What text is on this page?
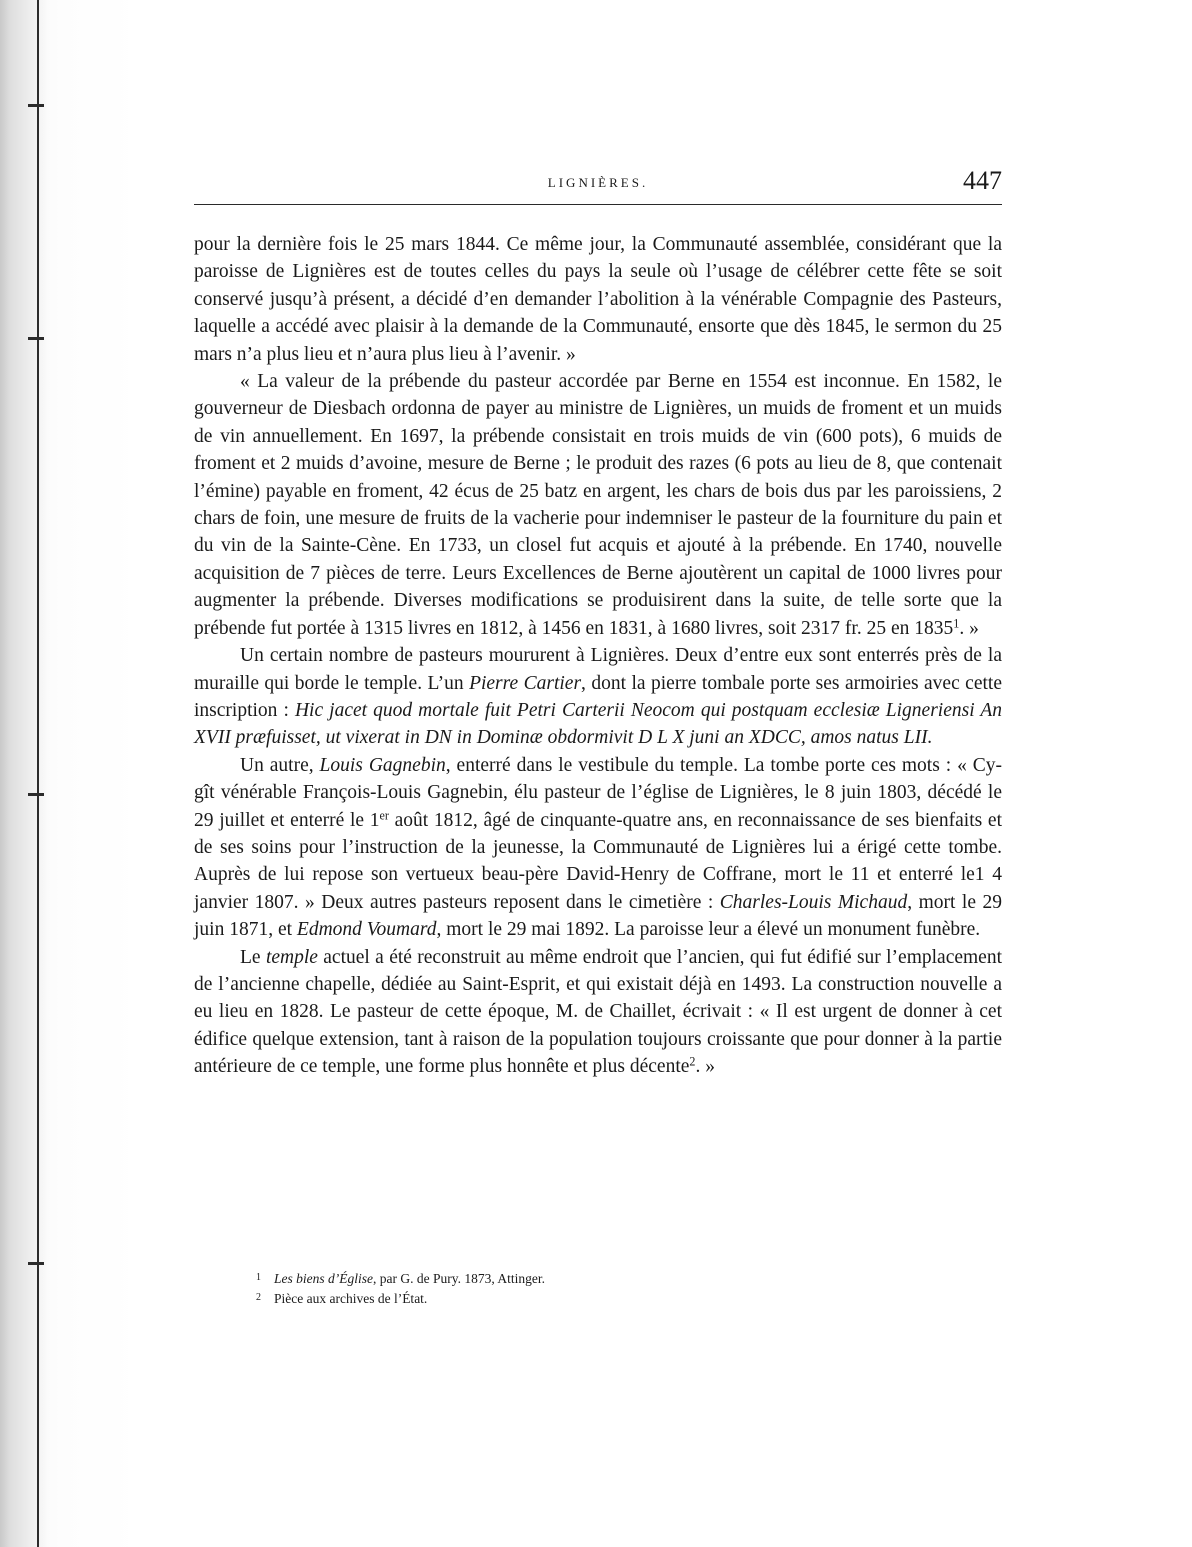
LIGNIÈRES.	447

pour la dernière fois le 25 mars 1844. Ce même jour, la Communauté assemblée, considérant que la paroisse de Lignières est de toutes celles du pays la seule où l’usage de célébrer cette fête se soit conservé jusqu’à présent, a décidé d’en demander l’abolition à la vénérable Compagnie des Pasteurs, laquelle a accédé avec plaisir à la demande de la Communauté, ensorte que dès 1845, le sermon du 25 mars n’a plus lieu et n’aura plus lieu à l’avenir. »

« La valeur de la prébende du pasteur accordée par Berne en 1554 est inconnue. En 1582, le gouverneur de Diesbach ordonna de payer au ministre de Lignières, un muids de froment et un muids de vin annuellement. En 1697, la prébende consistait en trois muids de vin (600 pots), 6 muids de froment et 2 muids d’avoine, mesure de Berne ; le produit des razes (6 pots au lieu de 8, que contenait l’émine) payable en froment, 42 écus de 25 batz en argent, les chars de bois dus par les paroissiens, 2 chars de foin, une mesure de fruits de la vacherie pour indemniser le pasteur de la fourniture du pain et du vin de la Sainte-Cène. En 1733, un closel fut acquis et ajouté à la prébende. En 1740, nouvelle acquisition de 7 pièces de terre. Leurs Excellences de Berne ajoutèrent un capital de 1000 livres pour augmenter la prébende. Diverses modifications se produisirent dans la suite, de telle sorte que la prébende fut portée à 1315 livres en 1812, à 1456 en 1831, à 1680 livres, soit 2317 fr. 25 en 1835$^1$. »

Un certain nombre de pasteurs moururent à Lignières. Deux d’entre eux sont enterrés près de la muraille qui borde le temple. L’un Pierre Cartier, dont la pierre tombale porte ses armoiries avec cette inscription : Hic jacet quod mortale fuit Petri Carterii Neocom qui postquam ecclesiæ Ligneriensi An XVII præfuisset, ut vixerat in DN in Dominæ obdormivit D L X juni an XDCC, amos natus LII.

Un autre, Louis Gagnebin, enterré dans le vestibule du temple. La tombe porte ces mots : « Cy-gît vénérable François-Louis Gagnebin, élu pasteur de l’église de Lignières, le 8 juin 1803, décédé le 29 juillet et enterré le 1er août 1812, âgé de cinquante-quatre ans, en reconnaissance de ses bienfaits et de ses soins pour l’instruction de la jeunesse, la Communauté de Lignières lui a érigé cette tombe. Auprès de lui repose son vertueux beau-père David-Henry de Coffrane, mort le 11 et enterré le1 4 janvier 1807. » Deux autres pasteurs reposent dans le cimetière : Charles-Louis Michaud, mort le 29 juin 1871, et Edmond Voumard, mort le 29 mai 1892. La paroisse leur a élevé un monument funèbre.

Le temple actuel a été reconstruit au même endroit que l’ancien, qui fut édifié sur l’emplacement de l’ancienne chapelle, dédiée au Saint-Esprit, et qui existait déjà en 1493. La construction nouvelle a eu lieu en 1828. Le pasteur de cette époque, M. de Chaillet, écrivait : « Il est urgent de donner à cet édifice quelque extension, tant à raison de la population toujours croissante que pour donner à la partie antérieure de ce temple, une forme plus honnête et plus décente$^2$. »

1 Les biens d’Église, par G. de Pury. 1873, Attinger.
2 Pièce aux archives de l’État.
